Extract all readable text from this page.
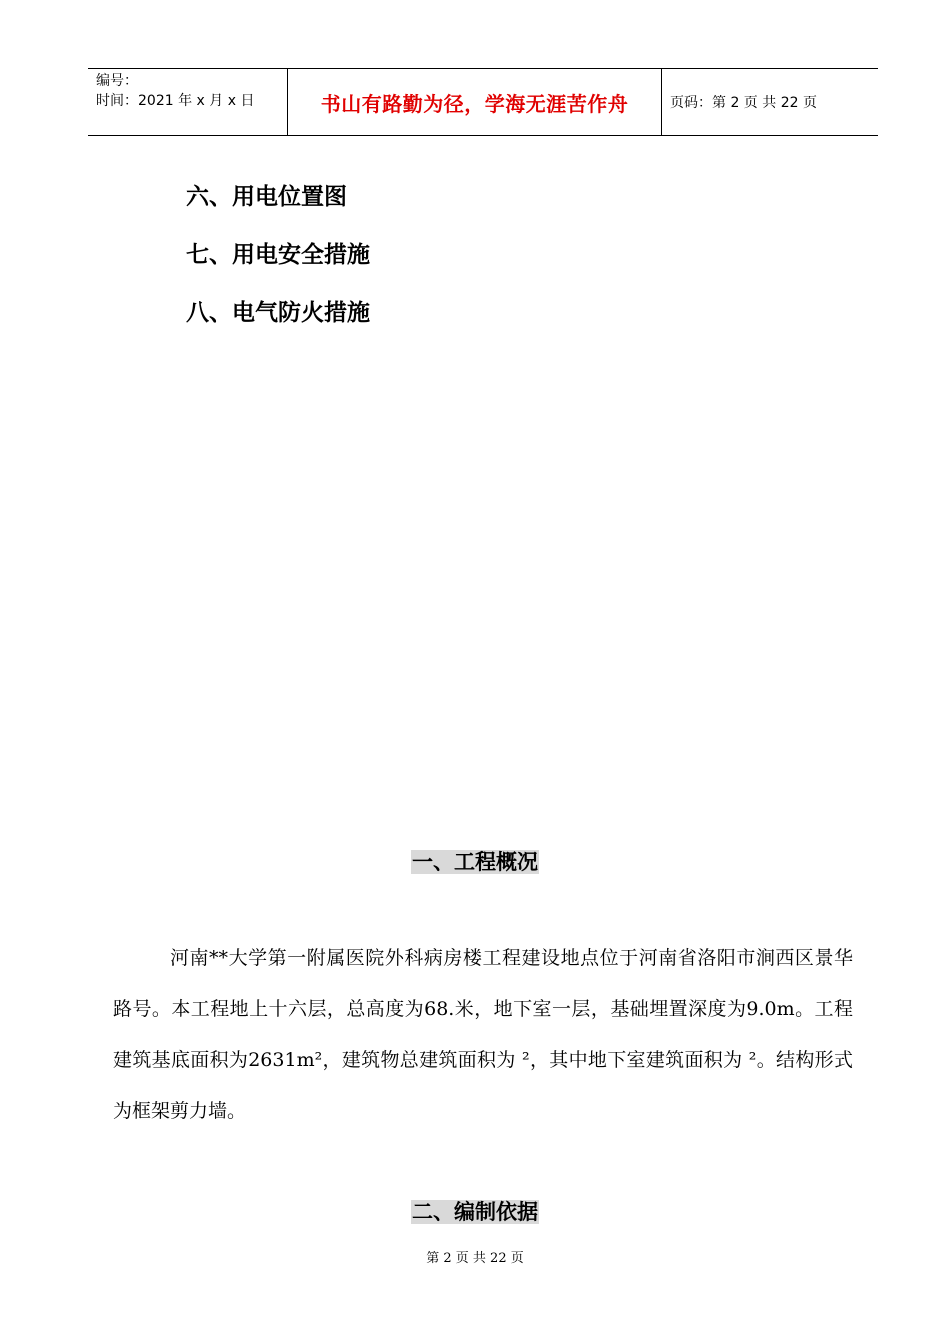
编号：
时间：2021 年 x 月 x 日	书山有路勤为径，学海无涯苦作舟	页码：第 2 页 共 22 页
六、用电位置图
七、用电安全措施
八、电气防火措施
一、工程概况
河南**大学第一附属医院外科病房楼工程建设地点位于河南省洛阳市涧西区景华路号。本工程地上十六层，总高度为68.米，地下室一层，基础埋置深度为9.0m。工程建筑基底面积为2631m²，建筑物总建筑面积为 ²，其中地下室建筑面积为 ²。结构形式为框架剪力墙。
二、编制依据
第 2 页 共 22 页
